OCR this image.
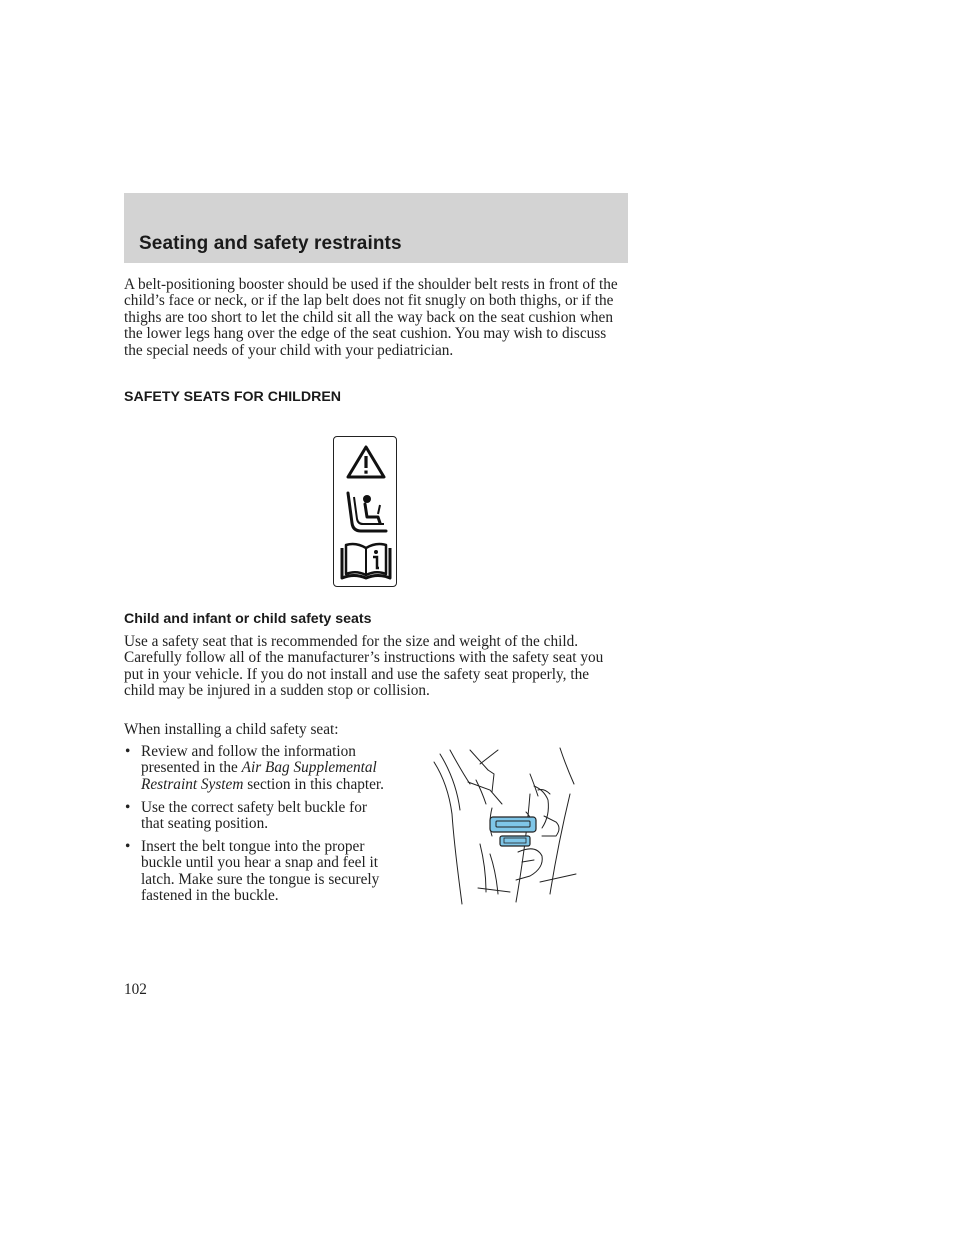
Seating and safety restraints

A belt-positioning booster should be used if the shoulder belt rests in front of the child’s face or neck, or if the lap belt does not fit snugly on both thighs, or if the thighs are too short to let the child sit all the way back on the seat cushion when the lower legs hang over the edge of the seat cushion. You may wish to discuss the special needs of your child with your pediatrician.

SAFETY SEATS FOR CHILDREN
Child and infant or child safety seats

Use a safety seat that is recommended for the size and weight of the child. Carefully follow all of the manufacturer’s instructions with the safety seat you put in your vehicle. If you do not install and use the safety seat properly, the child may be injured in a sudden stop or collision.

When installing a child safety seat:

• Review and follow the information presented in the Air Bag Supplemental Restraint System section in this chapter.
• Use the correct safety belt buckle for that seating position.
• Insert the belt tongue into the proper buckle until you hear a snap and feel it latch. Make sure the tongue is securely fastened in the buckle.

102
